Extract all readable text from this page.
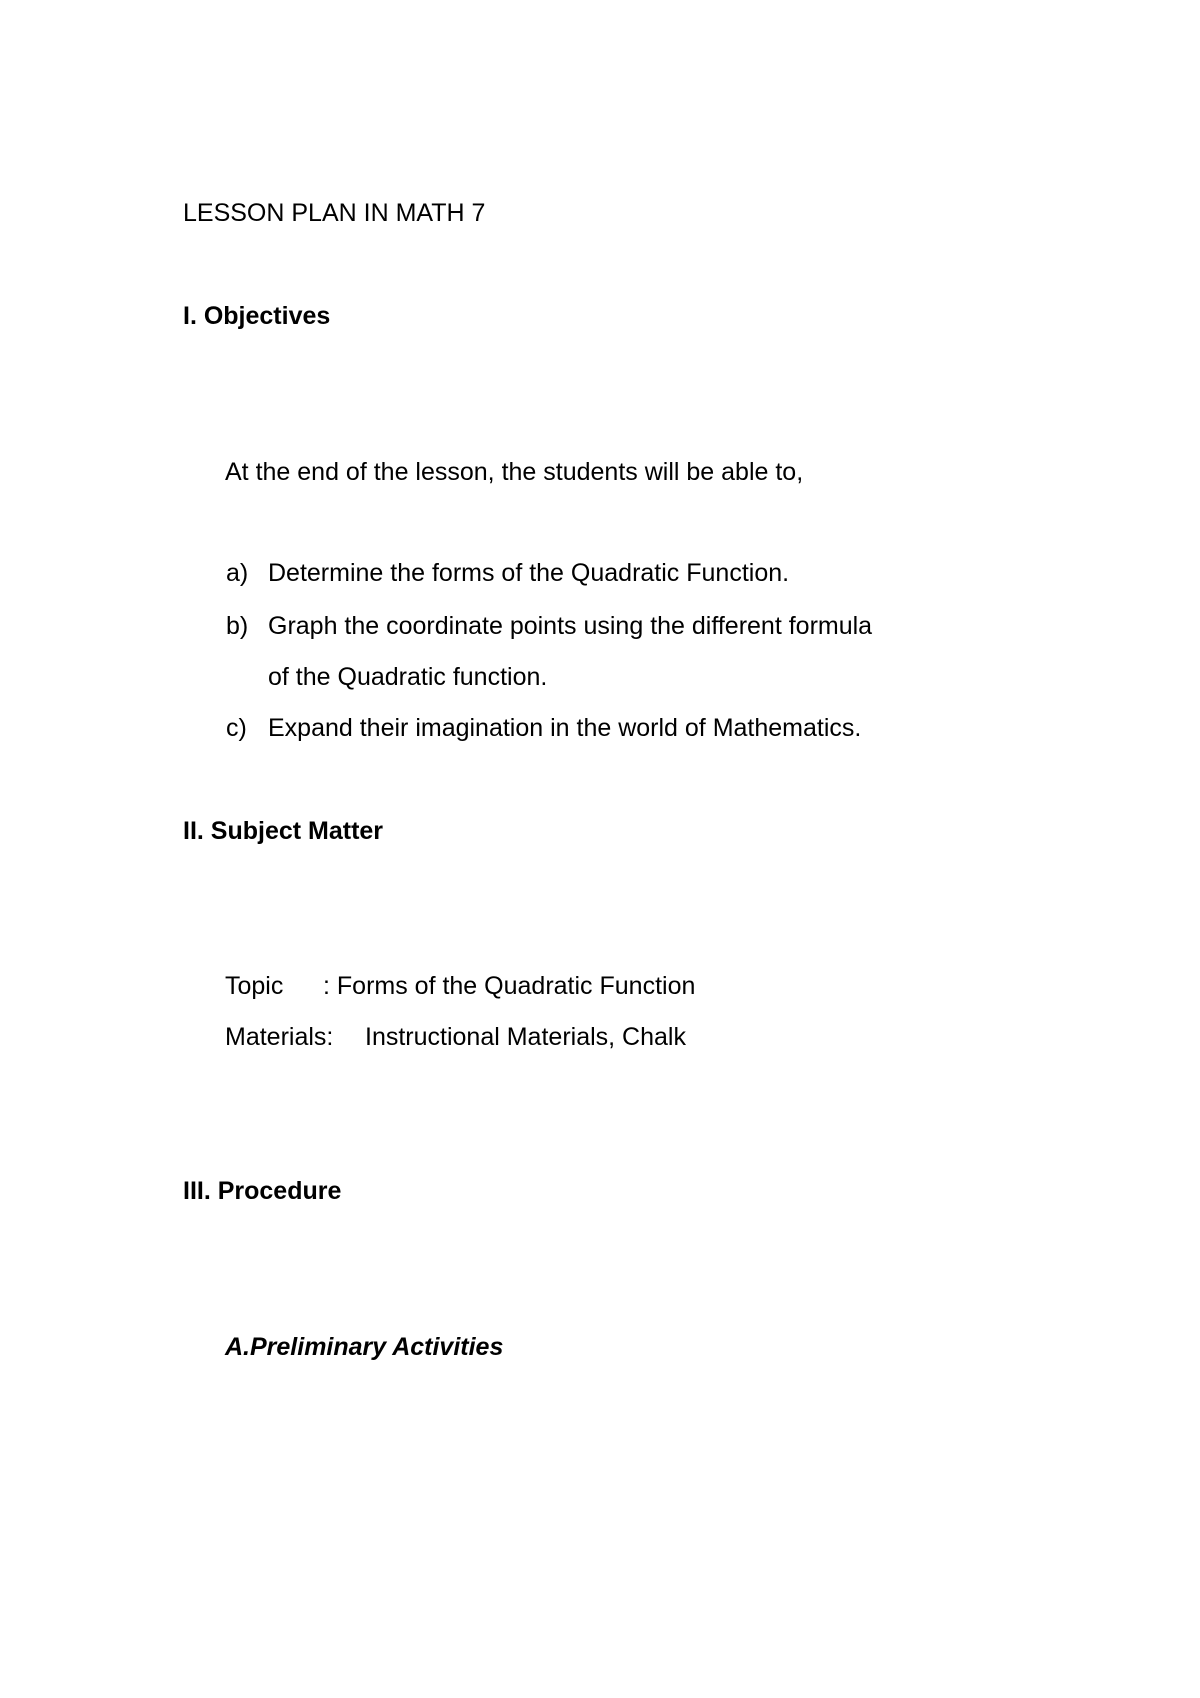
LESSON PLAN IN MATH 7
I. Objectives
At the end of the lesson, the students will be able to,
a) Determine the forms of the Quadratic Function.
b) Graph the coordinate points using the different formula
of the Quadratic function.
c) Expand their imagination in the world of Mathematics.
II. Subject Matter
Topic : Forms of the Quadratic Function
Materials: Instructional Materials, Chalk
III. Procedure
A.Preliminary Activities
